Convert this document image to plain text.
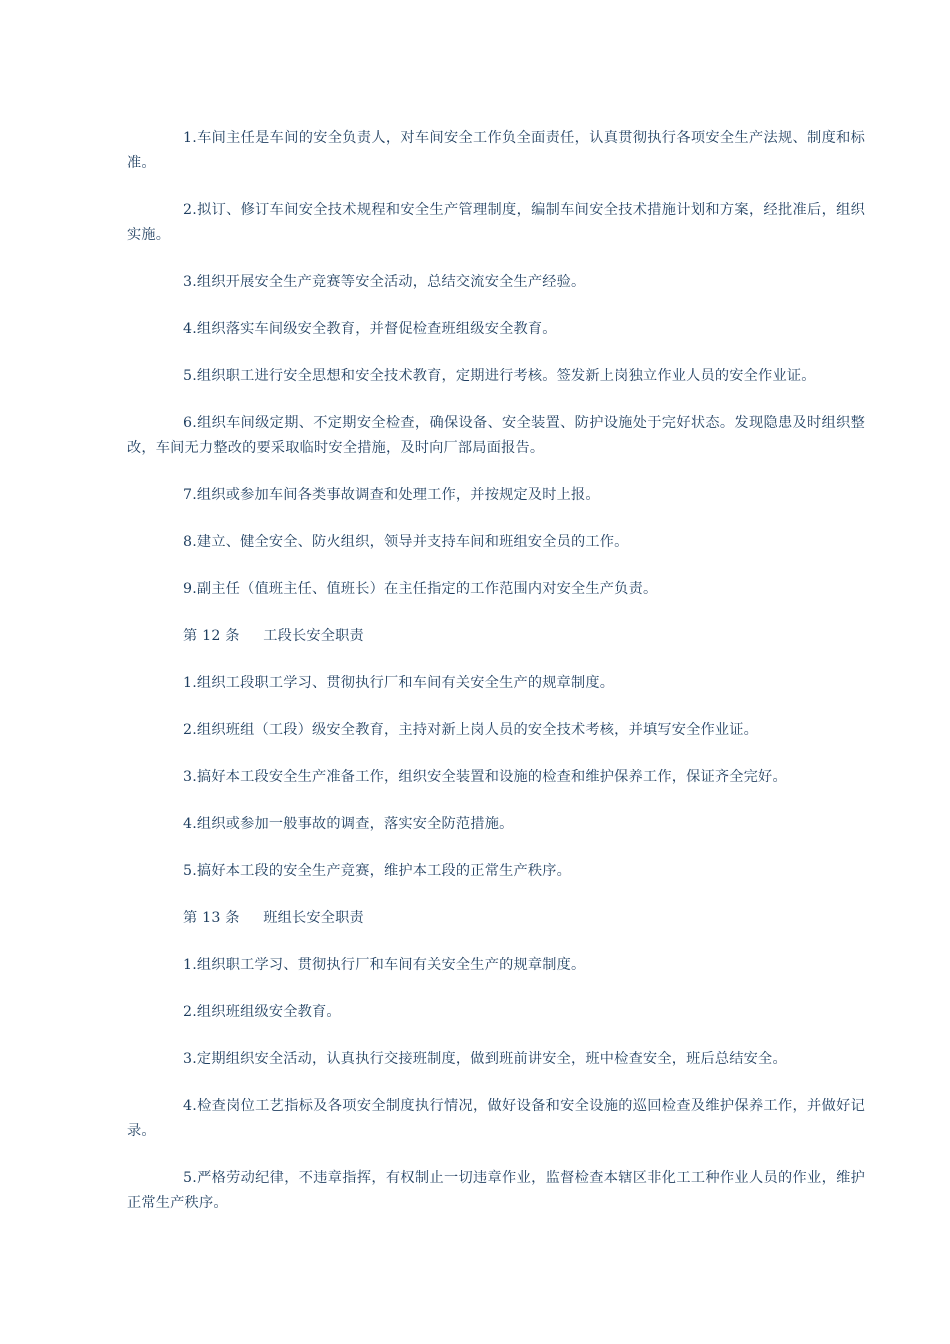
1.车间主任是车间的安全负责人，对车间安全工作负全面责任，认真贯彻执行各项安全生产法规、制度和标准。

2.拟订、修订车间安全技术规程和安全生产管理制度，编制车间安全技术措施计划和方案，经批准后，组织实施。

3.组织开展安全生产竞赛等安全活动，总结交流安全生产经验。

4.组织落实车间级安全教育，并督促检查班组级安全教育。

5.组织职工进行安全思想和安全技术教育，定期进行考核。签发新上岗独立作业人员的安全作业证。

6.组织车间级定期、不定期安全检查，确保设备、安全装置、防护设施处于完好状态。发现隐患及时组织整改，车间无力整改的要采取临时安全措施，及时向厂部局面报告。

7.组织或参加车间各类事故调查和处理工作，并按规定及时上报。

8.建立、健全安全、防火组织，领导并支持车间和班组安全员的工作。

9.副主任（值班主任、值班长）在主任指定的工作范围内对安全生产负责。

第 12 条     工段长安全职责

1.组织工段职工学习、贯彻执行厂和车间有关安全生产的规章制度。

2.组织班组（工段）级安全教育，主持对新上岗人员的安全技术考核，并填写安全作业证。

3.搞好本工段安全生产准备工作，组织安全装置和设施的检查和维护保养工作，保证齐全完好。

4.组织或参加一般事故的调查，落实安全防范措施。

5.搞好本工段的安全生产竞赛，维护本工段的正常生产秩序。

第 13 条     班组长安全职责

1.组织职工学习、贯彻执行厂和车间有关安全生产的规章制度。

2.组织班组级安全教育。

3.定期组织安全活动，认真执行交接班制度，做到班前讲安全，班中检查安全，班后总结安全。

4.检查岗位工艺指标及各项安全制度执行情况，做好设备和安全设施的巡回检查及维护保养工作，并做好记录。

5.严格劳动纪律，不违章指挥，有权制止一切违章作业，监督检查本辖区非化工工种作业人员的作业，维护正常生产秩序。
